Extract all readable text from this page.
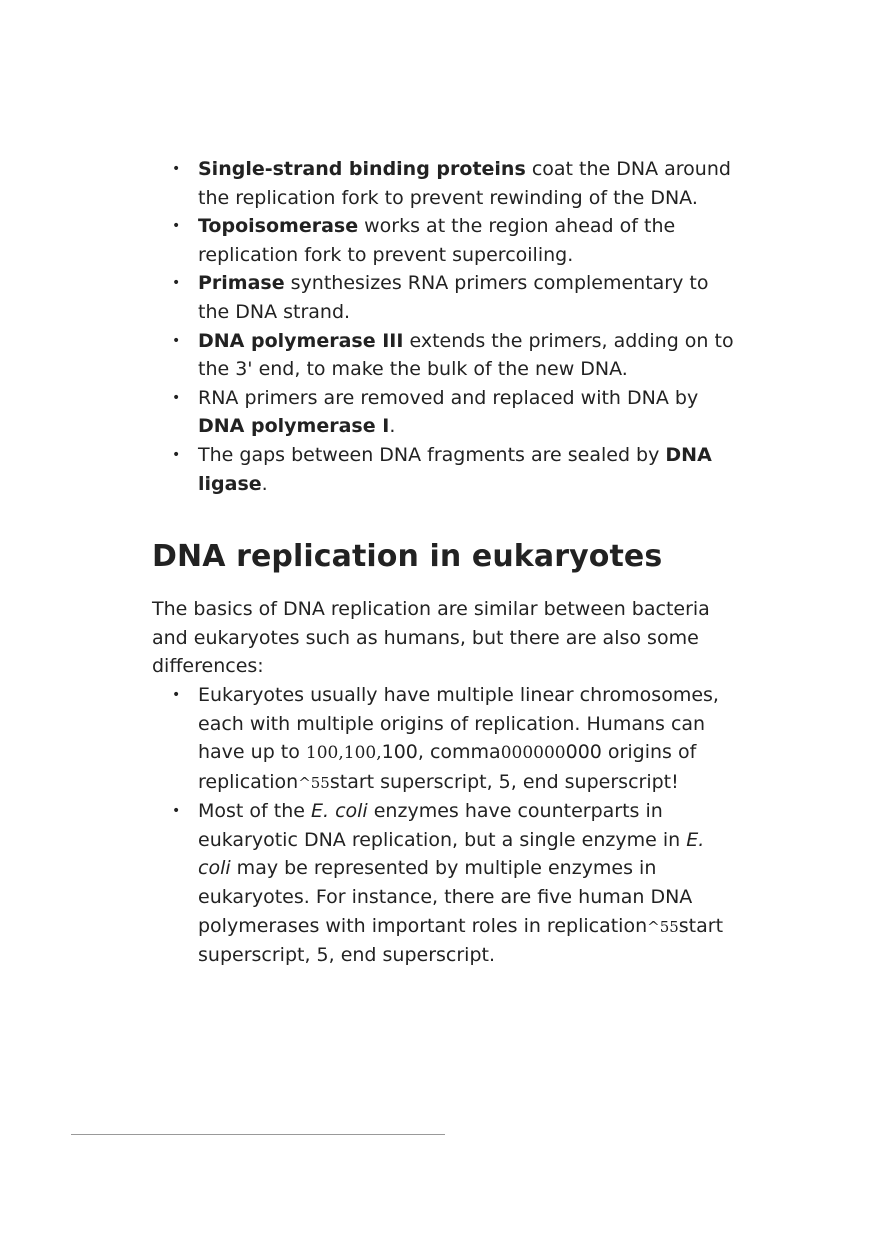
• Single-strand binding proteins coat the DNA around the replication fork to prevent rewinding of the DNA.
• Topoisomerase works at the region ahead of the replication fork to prevent supercoiling.
• Primase synthesizes RNA primers complementary to the DNA strand.
• DNA polymerase III extends the primers, adding on to the 3' end, to make the bulk of the new DNA.
• RNA primers are removed and replaced with DNA by DNA polymerase I.
• The gaps between DNA fragments are sealed by DNA ligase.
DNA replication in eukaryotes

The basics of DNA replication are similar between bacteria and eukaryotes such as humans, but there are also some differences:

• Eukaryotes usually have multiple linear chromosomes, each with multiple origins of replication. Humans can have up to 100,100,100, comma000000000 origins of replication^55start superscript, 5, end superscript!
• Most of the E. coli enzymes have counterparts in eukaryotic DNA replication, but a single enzyme in E. coli may be represented by multiple enzymes in eukaryotes. For instance, there are five human DNA polymerases with important roles in replication^55start superscript, 5, end superscript.
